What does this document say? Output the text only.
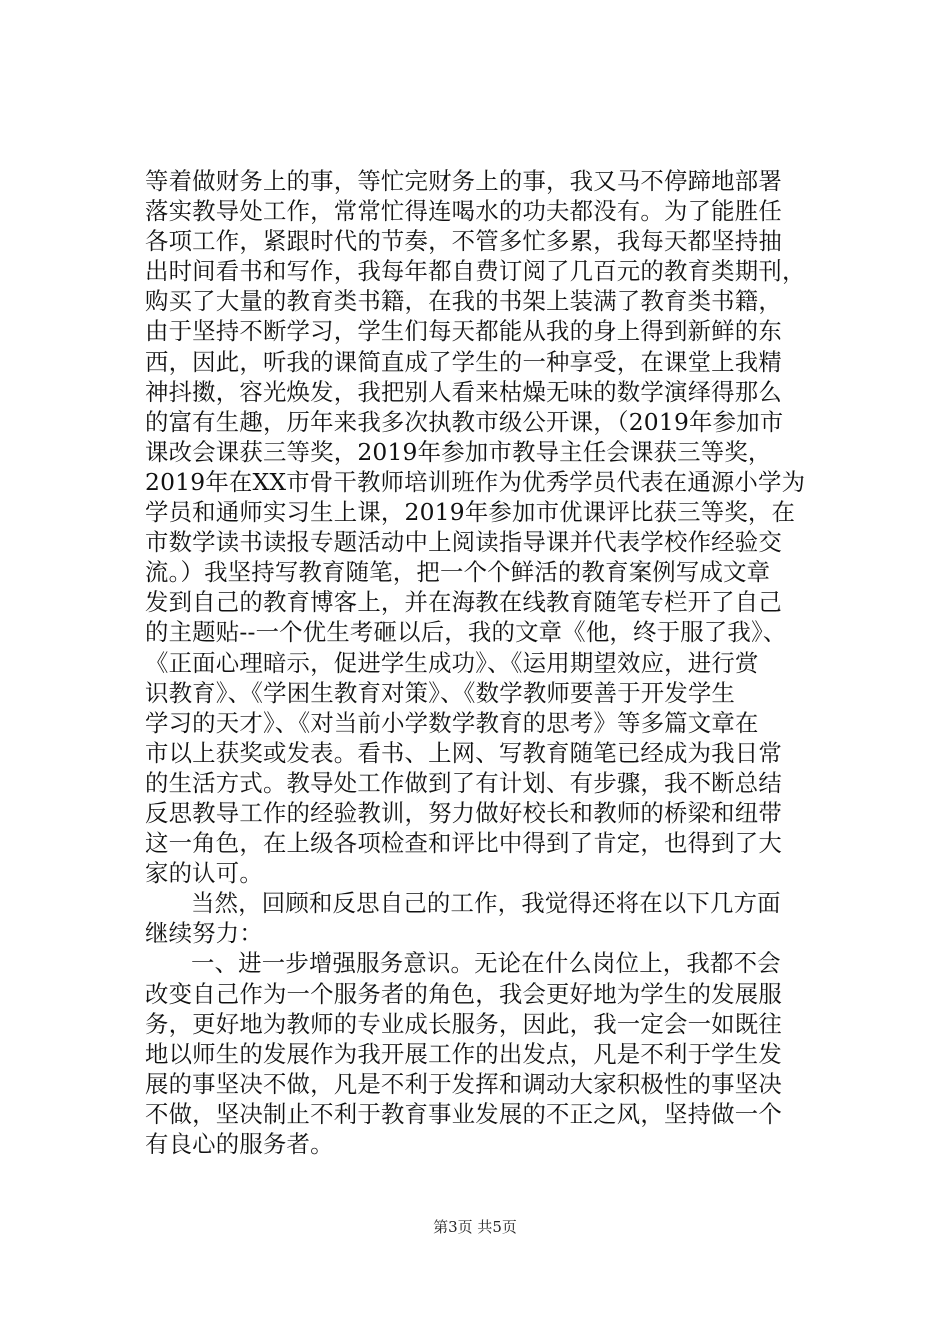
等着做财务上的事，等忙完财务上的事，我又马不停蹄地部署
落实教导处工作，常常忙得连喝水的功夫都没有。为了能胜任
各项工作，紧跟时代的节奏，不管多忙多累，我每天都坚持抽
出时间看书和写作，我每年都自费订阅了几百元的教育类期刊，
购买了大量的教育类书籍，在我的书架上装满了教育类书籍，
由于坚持不断学习，学生们每天都能从我的身上得到新鲜的东
西，因此，听我的课简直成了学生的一种享受，在课堂上我精
神抖擞，容光焕发，我把别人看来枯燥无味的数学演绎得那么
的富有生趣，历年来我多次执教市级公开课，（2019年参加市
课改会课获三等奖，2019年参加市教导主任会课获三等奖，
2019年在XX市骨干教师培训班作为优秀学员代表在通源小学为
学员和通师实习生上课，2019年参加市优课评比获三等奖，在
市数学读书读报专题活动中上阅读指导课并代表学校作经验交
流。）我坚持写教育随笔，把一个个鲜活的教育案例写成文章
发到自己的教育博客上，并在海教在线教育随笔专栏开了自己
的主题贴--一个优生考砸以后，我的文章《他，终于服了我》、
《正面心理暗示，促进学生成功》、《运用期望效应，进行赏
识教育》、《学困生教育对策》、《数学教师要善于开发学生
学习的天才》、《对当前小学数学教育的思考》等多篇文章在
市以上获奖或发表。看书、上网、写教育随笔已经成为我日常
的生活方式。教导处工作做到了有计划、有步骤，我不断总结
反思教导工作的经验教训，努力做好校长和教师的桥梁和纽带
这一角色，在上级各项检查和评比中得到了肯定，也得到了大
家的认可。
当然，回顾和反思自己的工作，我觉得还将在以下几方面
继续努力：
一、进一步增强服务意识。无论在什么岗位上，我都不会
改变自己作为一个服务者的角色，我会更好地为学生的发展服
务，更好地为教师的专业成长服务，因此，我一定会一如既往
地以师生的发展作为我开展工作的出发点，凡是不利于学生发
展的事坚决不做，凡是不利于发挥和调动大家积极性的事坚决
不做，坚决制止不利于教育事业发展的不正之风，坚持做一个
有良心的服务者。
第3页 共5页
